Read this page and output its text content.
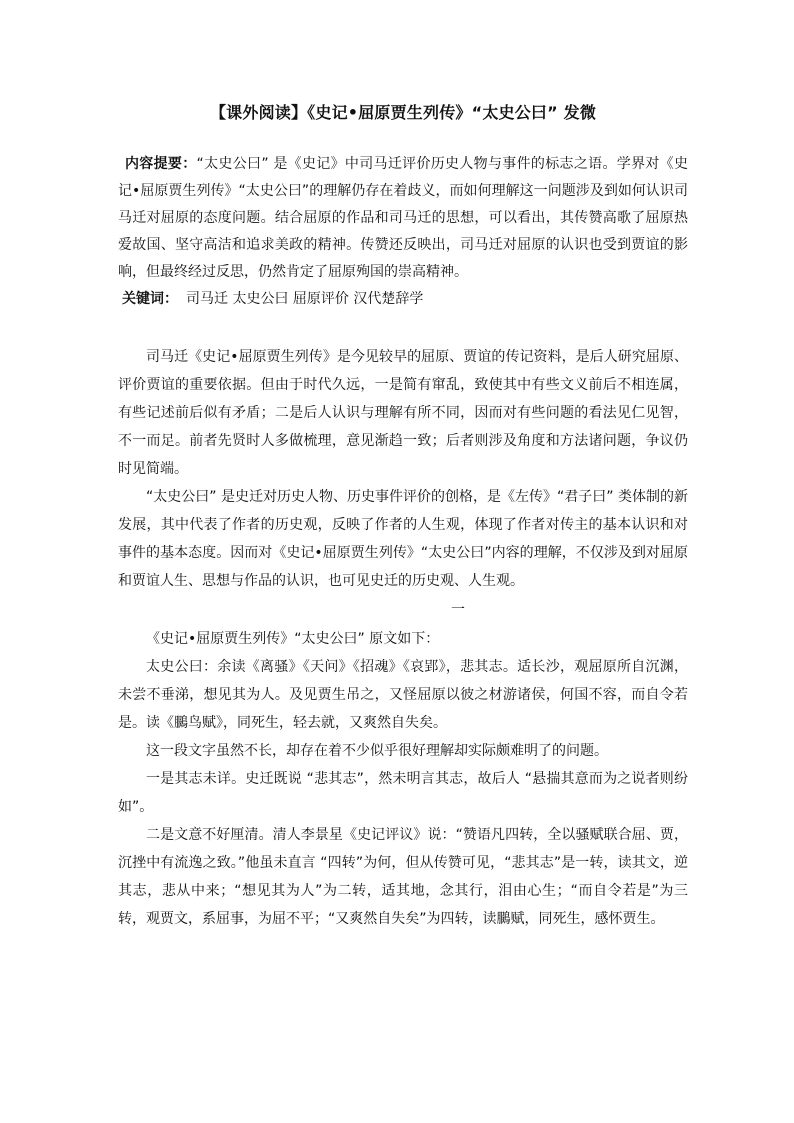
【课外阅读】《史记•屈原贾生列传》“太史公曰” 发微

内容提要：“太史公曰” 是《史记》中司马迁评价历史人物与事件的标志之语。学界对《史记•屈原贾生列传》“太史公曰”的理解仍存在着歧义，而如何理解这一问题涉及到如何认识司马迁对屈原的态度问题。结合屈原的作品和司马迁的思想，可以看出，其传赞高歌了屈原热爱故国、坚守高洁和追求美政的精神。传赞还反映出，司马迁对屈原的认识也受到贾谊的影响，但最终经过反思，仍然肯定了屈原殉国的崇高精神。

关键词： 司马迁 太史公曰 屈原评价 汉代楚辞学

司马迁《史记•屈原贾生列传》是今见较早的屈原、贾谊的传记资料，是后人研究屈原、评价贾谊的重要依据。但由于时代久远，一是简有窜乱，致使其中有些文义前后不相连属，有些记述前后似有矛盾；二是后人认识与理解有所不同，因而对有些问题的看法见仁见智，不一而足。前者先贤时人多做梳理，意见渐趋一致；后者则涉及角度和方法诸问题，争议仍时见简端。

“太史公曰” 是史迁对历史人物、历史事件评价的创格，是《左传》“君子曰” 类体制的新发展，其中代表了作者的历史观，反映了作者的人生观，体现了作者对传主的基本认识和对事件的基本态度。因而对《史记•屈原贾生列传》“太史公曰”内容的理解，不仅涉及到对屈原和贾谊人生、思想与作品的认识，也可见史迁的历史观、人生观。

一

《史记•屈原贾生列传》“太史公曰” 原文如下：

太史公曰：余读《离骚》《天问》《招魂》《哀郢》，悲其志。适长沙，观屈原所自沉渊，未尝不垂涕，想见其为人。及见贾生吊之，又怪屈原以彼之材游诸侯，何国不容，而自令若是。读《鵩鸟赋》，同死生，轻去就，又爽然自失矣。

这一段文字虽然不长，却存在着不少似乎很好理解却实际颇难明了的问题。

一是其志未详。史迁既说 “悲其志”，然未明言其志，故后人 “悬揣其意而为之说者则纷如”。

二是文意不好厘清。清人李景星《史记评议》说：“赞语凡四转，全以骚赋联合屈、贾，沉挫中有流逸之致。”他虽未直言 “四转”为何，但从传赞可见，“悲其志”是一转，读其文，逆其志，悲从中来；“想见其为人”为二转，适其地，念其行，泪由心生；“而自令若是”为三转，观贾文，系屈事，为屈不平；“又爽然自失矣”为四转，读鵩赋，同死生，感怀贾生。
